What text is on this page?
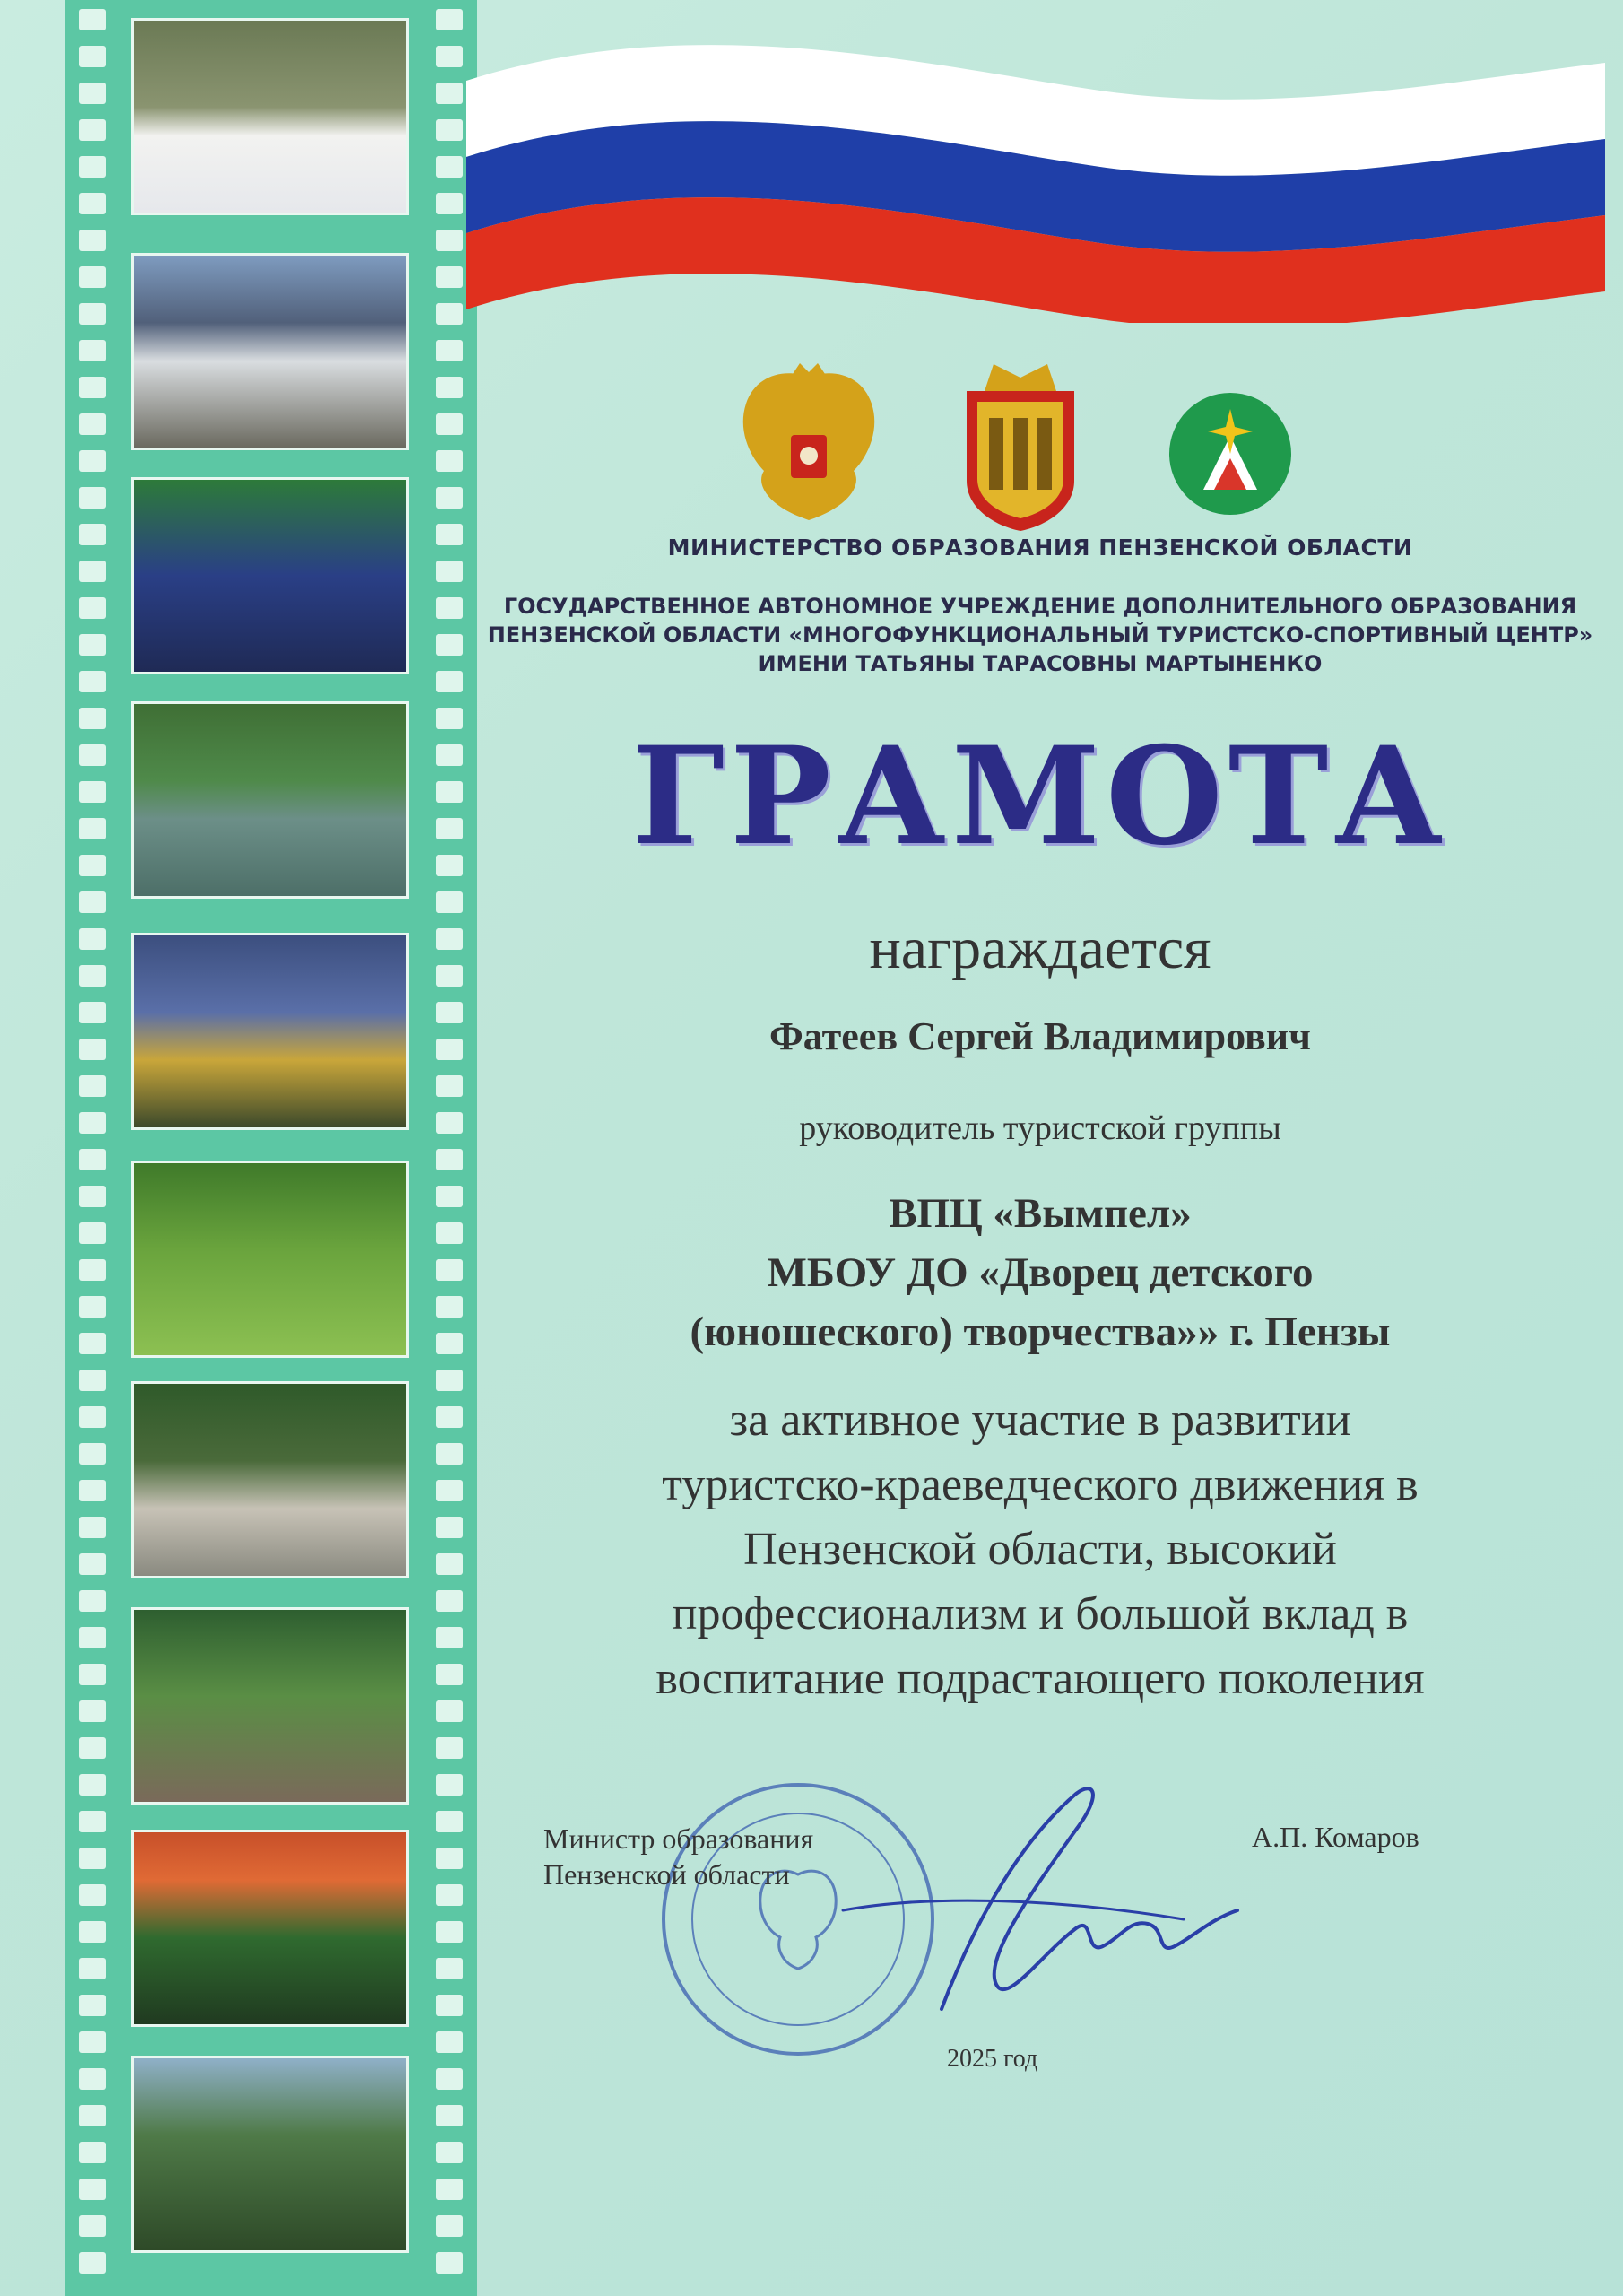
МИНИСТЕРСТВО ОБРАЗОВАНИЯ ПЕНЗЕНСКОЙ ОБЛАСТИ
ГОСУДАРСТВЕННОЕ АВТОНОМНОЕ УЧРЕЖДЕНИЕ ДОПОЛНИТЕЛЬНОГО ОБРАЗОВАНИЯ
ПЕНЗЕНСКОЙ ОБЛАСТИ «МНОГОФУНКЦИОНАЛЬНЫЙ ТУРИСТСКО-СПОРТИВНЫЙ ЦЕНТР»
ИМЕНИ ТАТЬЯНЫ ТАРАСОВНЫ МАРТЫНЕНКО
ГРАМОТА
награждается
Фатеев Сергей Владимирович
руководитель туристской группы
ВПЦ «Вымпел»
МБОУ ДО «Дворец детского
(юношеского) творчества»» г. Пензы
за активное участие в развитии
туристско-краеведческого движения в
Пензенской области, высокий
профессионализм и большой вклад в
воспитание подрастающего поколения
Министр образования
Пензенской области
А.П. Комаров
2025 год
